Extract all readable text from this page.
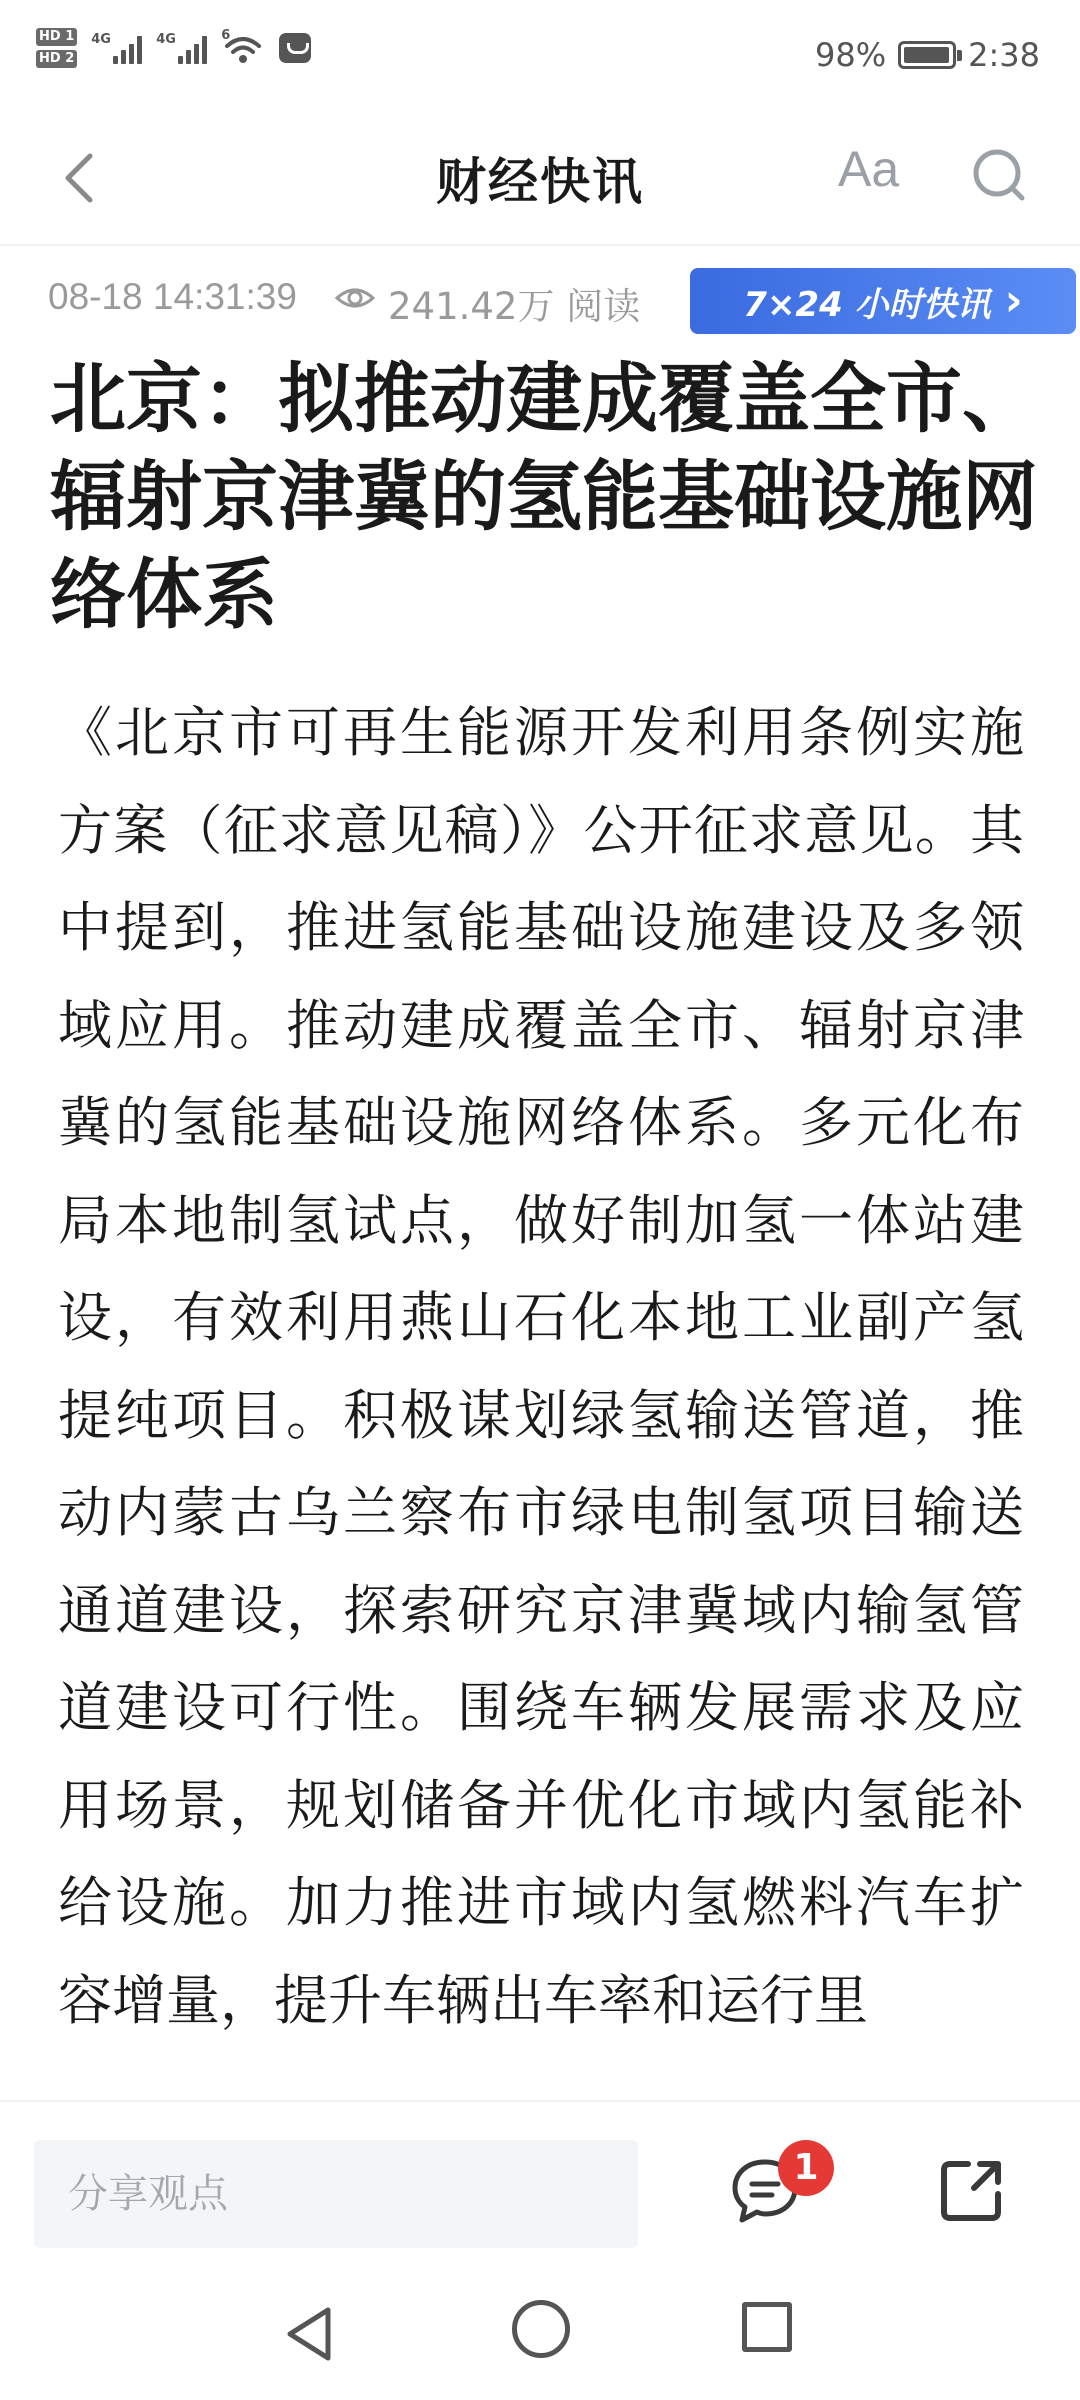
HD 1
HD 2
4G	4G	6
98%	2:38
财经快讯	Aa
08-18 14:31:39 241.42万 阅读	7×24 小时快讯 ›
北京：拟推动建成覆盖全市、辐射京津冀的氢能基础设施网络体系
《北京市可再生能源开发利用条例实施方案（征求意见稿）》公开征求意见。其中提到，推进氢能基础设施建设及多领域应用。推动建成覆盖全市、辐射京津冀的氢能基础设施网络体系。多元化布局本地制氢试点，做好制加氢一体站建设，有效利用燕山石化本地工业副产氢提纯项目。积极谋划绿氢输送管道，推动内蒙古乌兰察布市绿电制氢项目输送通道建设，探索研究京津冀域内输氢管道建设可行性。围绕车辆发展需求及应用场景，规划储备并优化市域内氢能补给设施。加力推进市域内氢燃料汽车扩容增量，提升车辆出车率和运行里
分享观点
1
